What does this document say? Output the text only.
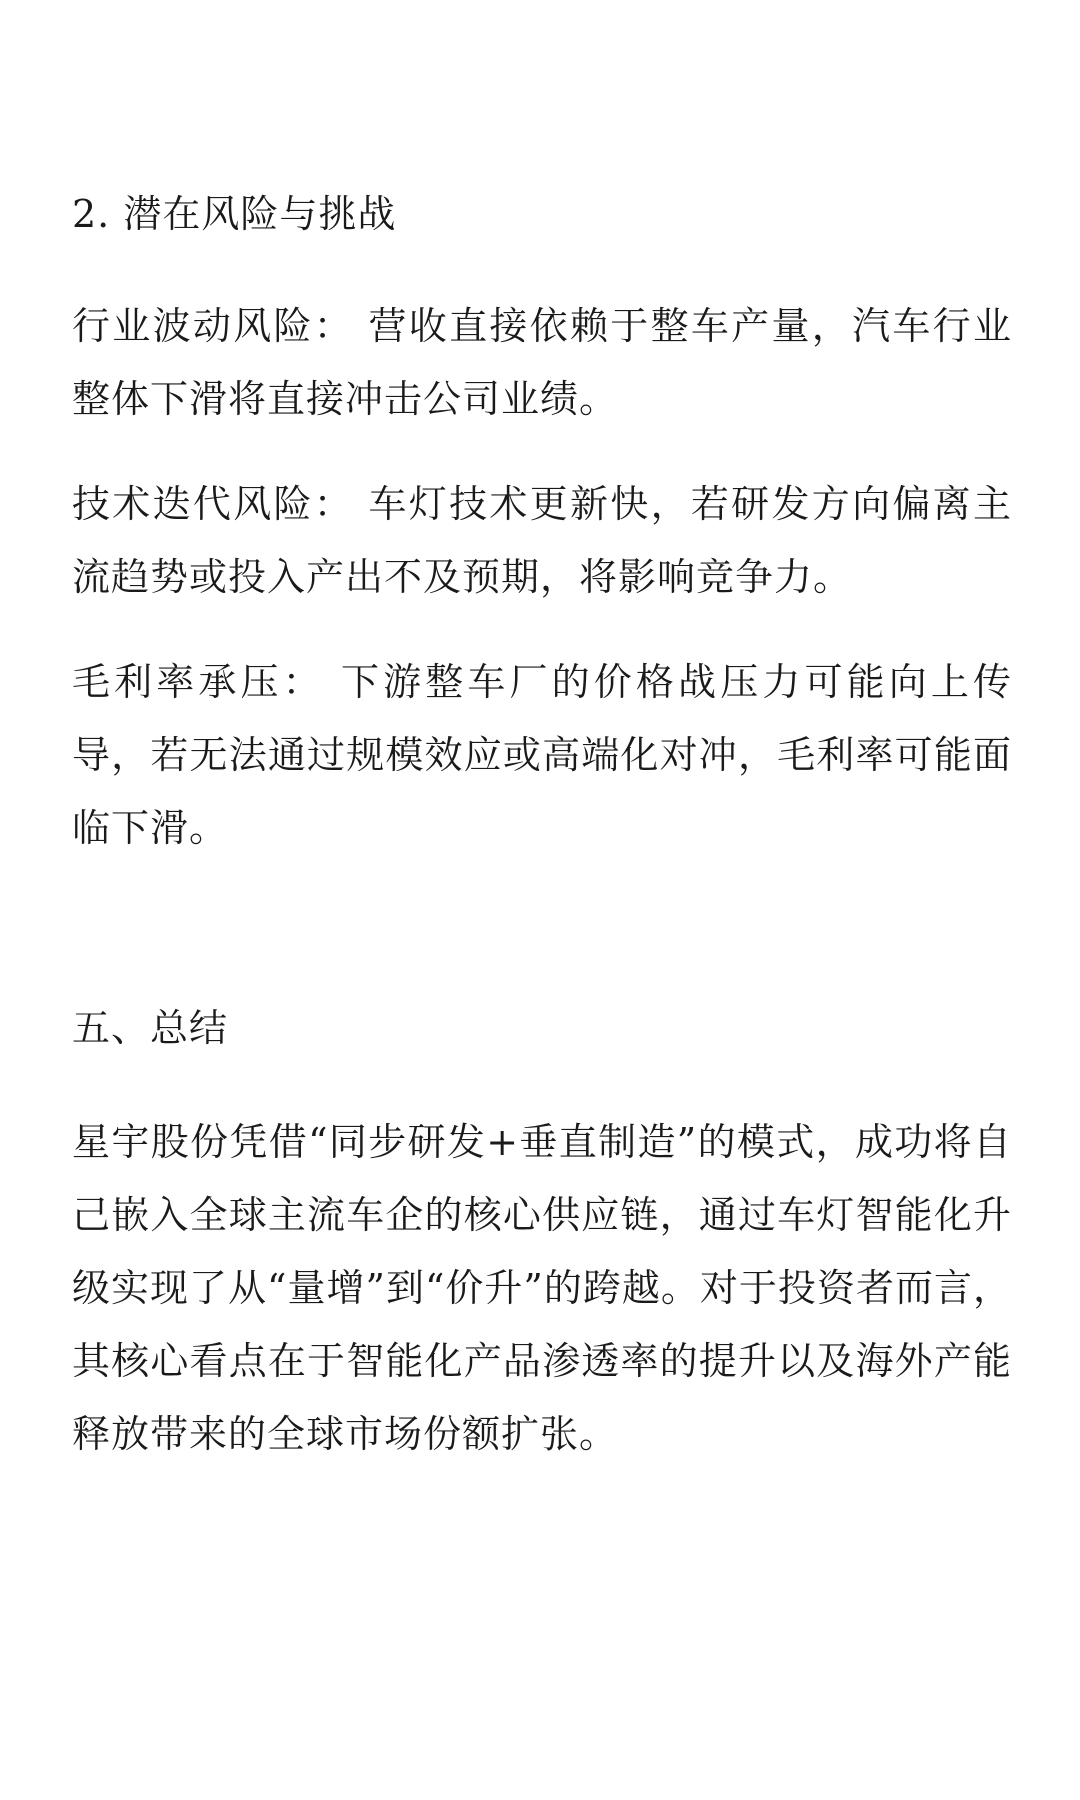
2. 潜在风险与挑战

行业波动风险： 营收直接依赖于整车产量，汽车行业整体下滑将直接冲击公司业绩。

技术迭代风险： 车灯技术更新快，若研发方向偏离主流趋势或投入产出不及预期，将影响竞争力。

毛利率承压： 下游整车厂的价格战压力可能向上传导，若无法通过规模效应或高端化对冲，毛利率可能面临下滑。

五、总结

星宇股份凭借“同步研发+垂直制造”的模式，成功将自己嵌入全球主流车企的核心供应链，通过车灯智能化升级实现了从“量增”到“价升”的跨越。对于投资者而言，其核心看点在于智能化产品渗透率的提升以及海外产能释放带来的全球市场份额扩张。
